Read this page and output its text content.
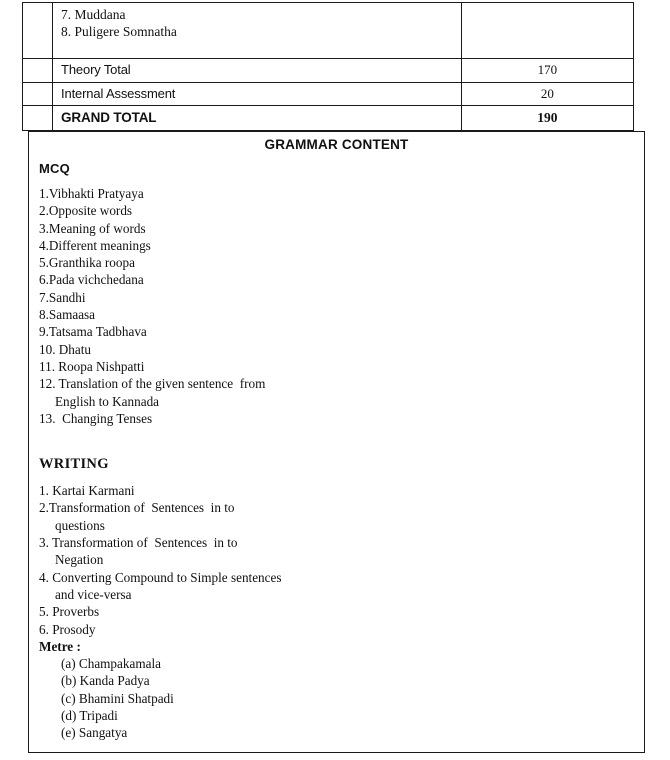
	7. Muddana
8. Puligere Somnatha	

	Theory Total	170

	Internal Assessment	20

	GRAND TOTAL	190
GRAMMAR CONTENT
MCQ
1.Vibhakti Pratyaya
2.Opposite words
3.Meaning of words
4.Different meanings
5.Granthika roopa
6.Pada vichchedana
7.Sandhi
8.Samaasa
9.Tatsama Tadbhava
10. Dhatu
11. Roopa Nishpatti
12. Translation of the given sentence  from
English to Kannada
13.  Changing Tenses
WRITING
1. Kartai Karmani
2.Transformation of  Sentences  in to
questions
3. Transformation of  Sentences  in to
Negation
4. Converting Compound to Simple sentences
and vice-versa
5. Proverbs
6. Prosody
Metre :
(a) Champakamala
(b) Kanda Padya
(c) Bhamini Shatpadi
(d) Tripadi
(e) Sangatya
